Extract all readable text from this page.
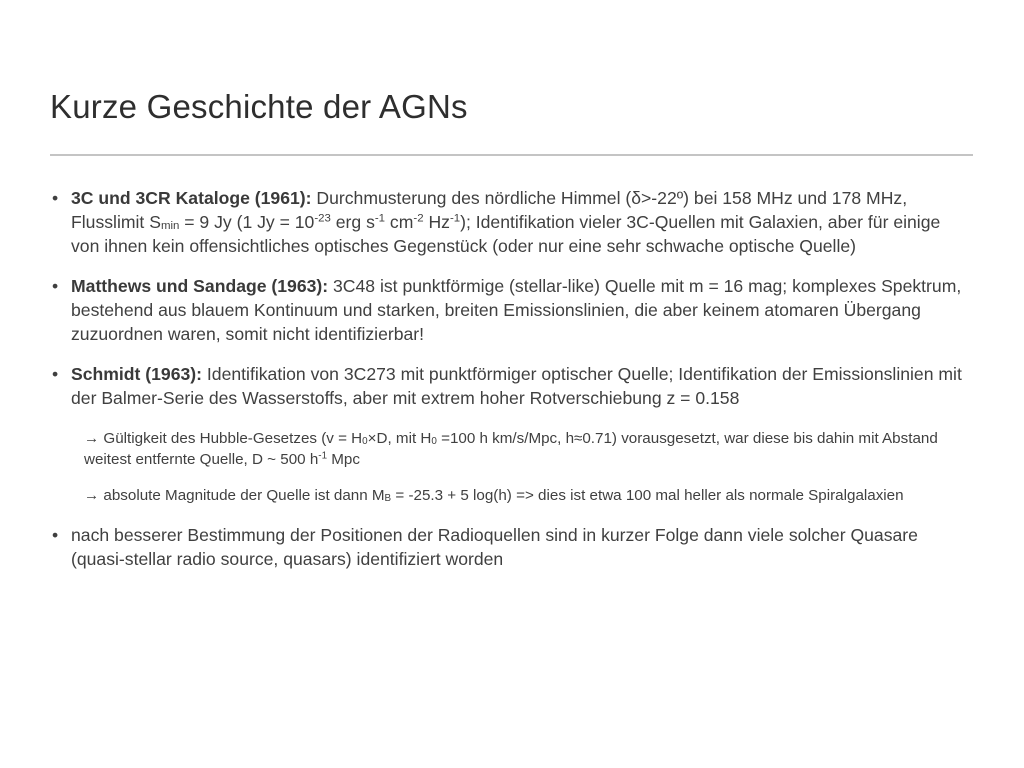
Kurze Geschichte der AGNs
• 3C und 3CR Kataloge (1961): Durchmusterung des nördliche Himmel (δ>-22º) bei 158 MHz und 178 MHz, Flusslimit $S_{min} = 9$ Jy (1 $Jy = 10^{-23}$ erg $s^{-1}$ $cm^{-2}$ $Hz^{-1}$); Identifikation vieler 3C-Quellen mit Galaxien, aber für einige von ihnen kein offensichtliches optisches Gegenstück (oder nur eine sehr schwache optische Quelle)
• Matthews und Sandage (1963): 3C48 ist punktförmige (stellar-like) Quelle mit m = 16 mag; komplexes Spektrum, bestehend aus blauem Kontinuum und starken, breiten Emissionslinien, die aber keinem atomaren Übergang zuzuordnen waren, somit nicht identifizierbar!
• Schmidt (1963): Identifikation von 3C273 mit punktförmiger optischer Quelle; Identifikation der Emissionslinien mit der Balmer-Serie des Wasserstoffs, aber mit extrem hoher Rotverschiebung z = 0.158
→ Gültigkeit des Hubble-Gesetzes ($v = H_0\times D$, mit $H_0 =100$ h km/s/Mpc, h≈0.71) vorausgesetzt, war diese bis dahin mit Abstand weitest entfernte Quelle, D ~ 500 $h^{-1}$ Mpc
→ absolute Magnitude der Quelle ist dann $M_B = -25.3 + 5$ log(h) => dies ist etwa 100 mal heller als normale Spiralgalaxien
• nach besserer Bestimmung der Positionen der Radioquellen sind in kurzer Folge dann viele solcher Quasare (quasi-stellar radio source, quasars) identifiziert worden
